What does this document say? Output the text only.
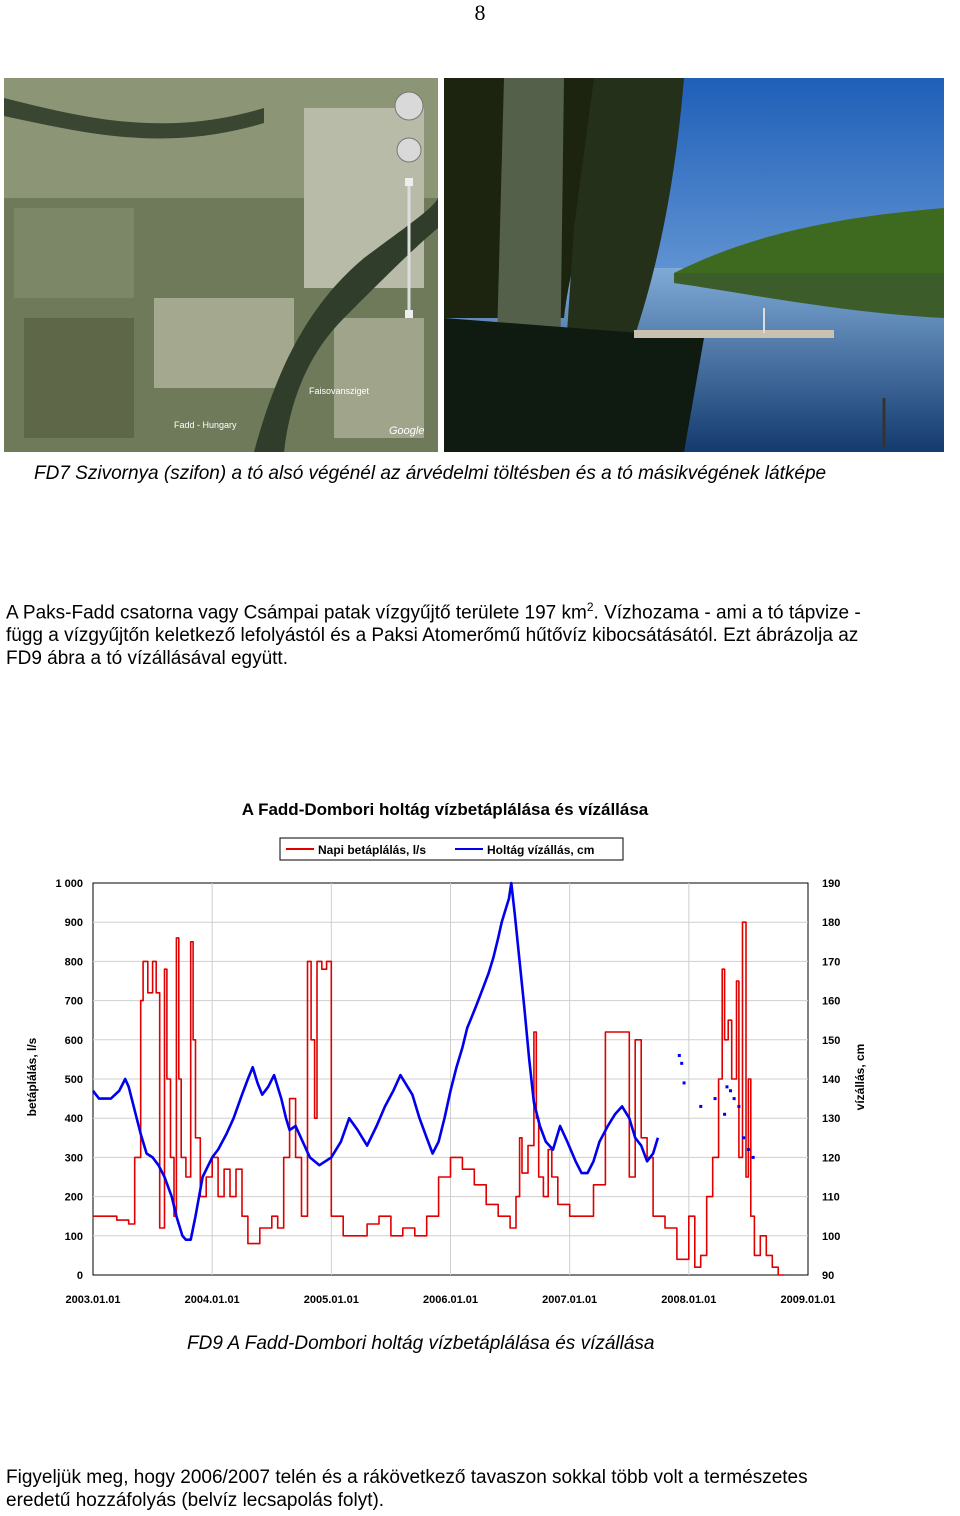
8
Faisovansziget
Fadd - Hungary	Google
FD7 Szivornya (szifon) a tó alsó végénél az árvédelmi töltésben és a tó másikvégének látképe
A Paks-Fadd csatorna vagy Csámpai patak vízgyűjtő területe 197 $km^2$. Vízhozama - ami a tó tápvize -
függ a vízgyűjtőn keletkező lefolyástól és a Paksi Atomerőmű hűtővíz kibocsátásától. Ezt ábrázolja az
FD9 ábra a tó vízállásával együtt.
A Fadd-Dombori holtág vízbetáplálása és vízállása
Napi betáplálás, l/s	Holtág vízállás, cm
1 000	190
900	180
800	170
700	160
600	150
500	140
400	130
300	120
200	110
100	100
0	90
2003.01.01	2004.01.01	2005.01.01	2006.01.01	2007.01.01	2008.01.01	2009.01.01
betáplálás, l/s	vízállás, cm
FD9 A Fadd-Dombori holtág vízbetáplálása és vízállása
Figyeljük meg, hogy 2006/2007 telén és a rákövetkező tavaszon sokkal több volt a természetes
eredetű hozzáfolyás (belvíz lecsapolás folyt).
